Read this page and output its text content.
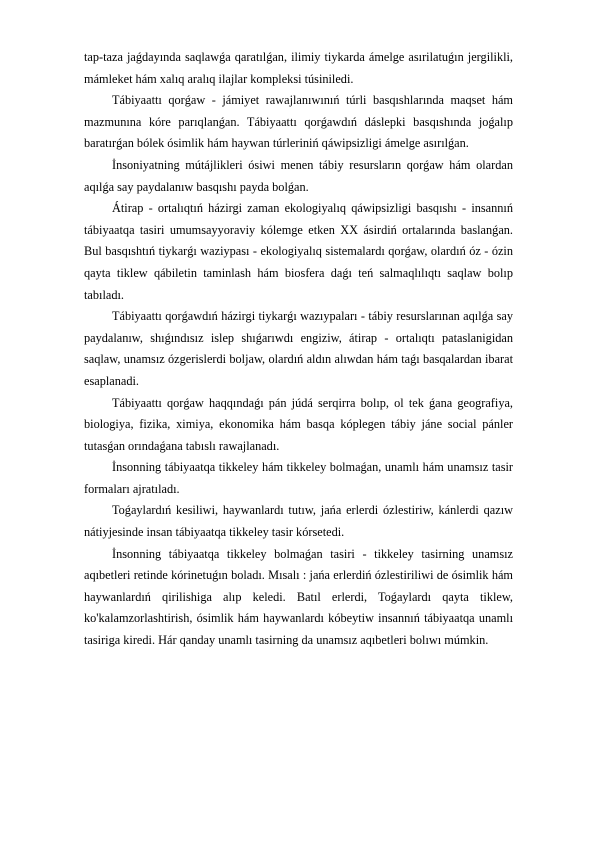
tap-taza jaǵdayında saqlawǵa qaratılǵan, ilimiy tiykarda ámelge asırilatuǵın jergilikli, mámleket hám xalıq aralıq ilajlar kompleksi túsiniledi.

Tábiyaattı qorǵaw - jámiyet rawajlanıwınıń túrli basqıshlarında maqset hám mazmunına kóre parıqlanǵan. Tábiyaattı qorǵawdıń dáslepki basqıshında joǵalıp baratırǵan bólek ósimlik hám haywan túrleriniń qáwipsizligi ámelge asırılǵan.

İnsoniyatning mútájlikleri ósiwi menen tábiy resursların qorǵaw hám olardan aqılǵa say paydalanıw basqıshı payda bolǵan.

Átirap - ortalıqtıń házirgi zaman ekologiyalıq qáwipsizligi basqıshı - insannıń tábiyaatqa tasiri umumsayyoraviy kólemge etken XX ásirdiń ortalarında baslanǵan. Bul basqıshtıń tiykarǵı waziypası - ekologiyalıq sistemalardı qorǵaw, olardıń óz - ózin qayta tiklew qábiletin taminlash hám biosfera daǵı teń salmaqlılıqtı saqlaw bolıp tabıladı.

Tábiyaattı qorǵawdıń házirgi tiykarǵı wazıypaları - tábiy resurslarınan aqılǵa say paydalanıw, shıǵındısız islep shıǵarıwdı engiziw, átirap - ortalıqtı pataslanigidan saqlaw, unamsız ózgerislerdi boljaw, olardıń aldın alıwdan hám taǵı basqalardan ibarat esaplanadi.

Tábiyaattı qorǵaw haqqındaǵı pán júdá serqirra bolıp, ol tek ǵana geografiya, biologiya, fizika, ximiya, ekonomika hám basqa kóplegen tábiy jáne social pánler tutasǵan orındaǵana tabıslı rawajlanadı.

İnsonning tábiyaatqa tikkeley hám tikkeley bolmaǵan, unamlı hám unamsız tasir formaları ajratıladı.

Toǵaylardıń kesiliwi, haywanlardı tutıw, jańa erlerdi ózlestiriw, kánlerdi qazıw nátiyjesinde insan tábiyaatqa tikkeley tasir kórsetedi.

İnsonning tábiyaatqa tikkeley bolmaǵan tasiri - tikkeley tasirning unamsız aqıbetleri retinde kórinetuǵın boladı. Mısalı : jańa erlerdiń ózlestiriliwi de ósimlik hám haywanlardıń qirilishiga alıp keledi. Batıl erlerdi, Toǵaylardı qayta tiklew, ko'kalamzorlashtirish, ósimlik hám haywanlardı kóbeytiw insannıń tábiyaatqa unamlı tasiriga kiredi. Hár qanday unamlı tasirning da unamsız aqıbetleri bolıwı múmkin.
